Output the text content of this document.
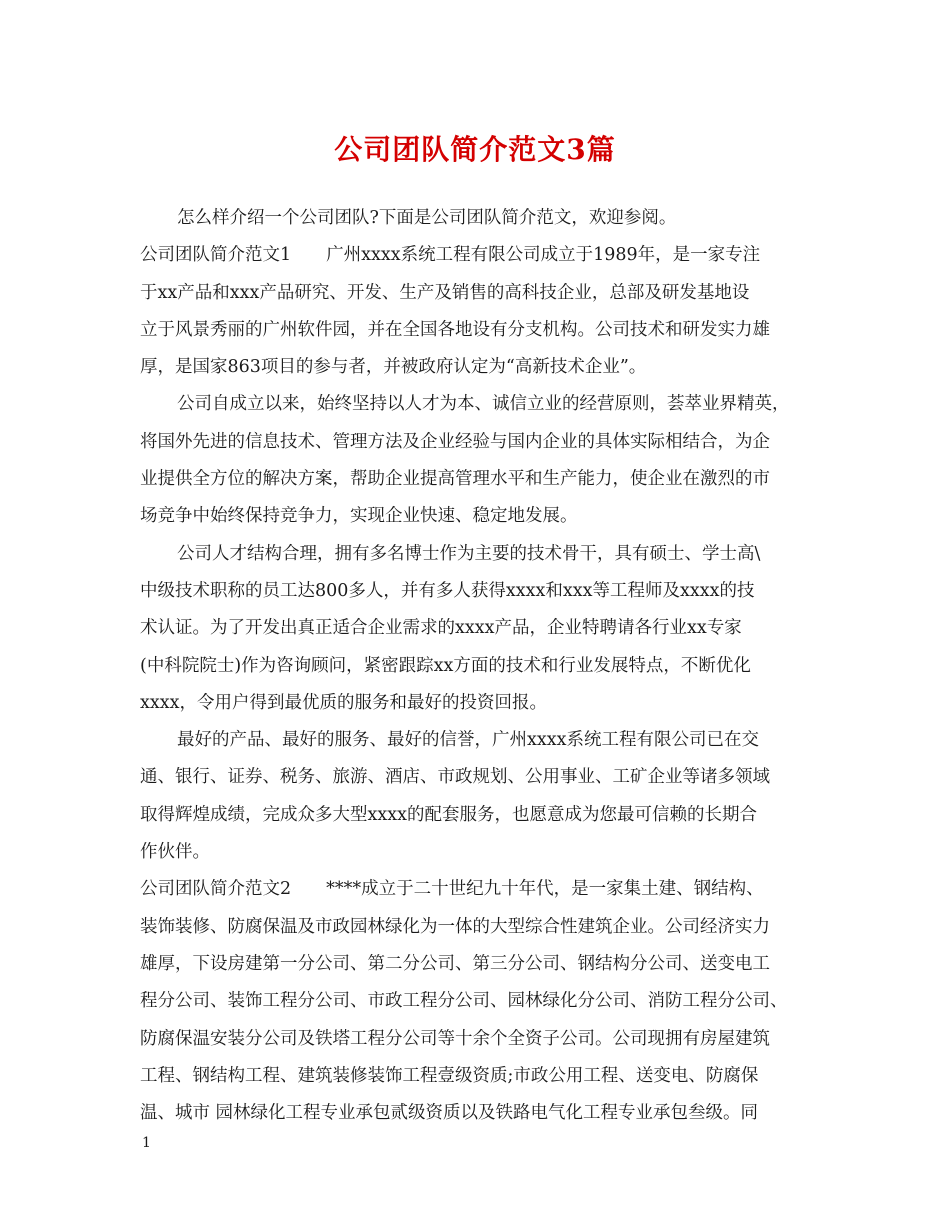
公司团队简介范文3篇
怎么样介绍一个公司团队?下面是公司团队简介范文，欢迎参阅。
公司团队简介范文1　　广州xxxx系统工程有限公司成立于1989年，是一家专注
于xx产品和xxx产品研究、开发、生产及销售的高科技企业，总部及研发基地设
立于风景秀丽的广州软件园，并在全国各地设有分支机构。公司技术和研发实力雄
厚，是国家863项目的参与者，并被政府认定为“高新技术企业”。
公司自成立以来，始终坚持以人才为本、诚信立业的经营原则，荟萃业界精英，
将国外先进的信息技术、管理方法及企业经验与国内企业的具体实际相结合，为企
业提供全方位的解决方案，帮助企业提高管理水平和生产能力，使企业在激烈的市
场竞争中始终保持竞争力，实现企业快速、稳定地发展。
公司人才结构合理，拥有多名博士作为主要的技术骨干，具有硕士、学士高\
中级技术职称的员工达800多人，并有多人获得xxxx和xxx等工程师及xxxx的技
术认证。为了开发出真正适合企业需求的xxxx产品，企业特聘请各行业xx专家
(中科院院士)作为咨询顾问，紧密跟踪xx方面的技术和行业发展特点，不断优化
xxxx，令用户得到最优质的服务和最好的投资回报。
最好的产品、最好的服务、最好的信誉，广州xxxx系统工程有限公司已在交
通、银行、证券、税务、旅游、酒店、市政规划、公用事业、工矿企业等诸多领域
取得辉煌成绩，完成众多大型xxxx的配套服务，也愿意成为您最可信赖的长期合
作伙伴。
公司团队简介范文2　　****成立于二十世纪九十年代，是一家集土建、钢结构、
装饰装修、防腐保温及市政园林绿化为一体的大型综合性建筑企业。公司经济实力
雄厚，下设房建第一分公司、第二分公司、第三分公司、钢结构分公司、送变电工
程分公司、装饰工程分公司、市政工程分公司、园林绿化分公司、消防工程分公司、
防腐保温安装分公司及铁塔工程分公司等十余个全资子公司。公司现拥有房屋建筑
工程、钢结构工程、建筑装修装饰工程壹级资质;市政公用工程、送变电、防腐保
温、城市 园林绿化工程专业承包贰级资质以及铁路电气化工程专业承包叁级。同
1
